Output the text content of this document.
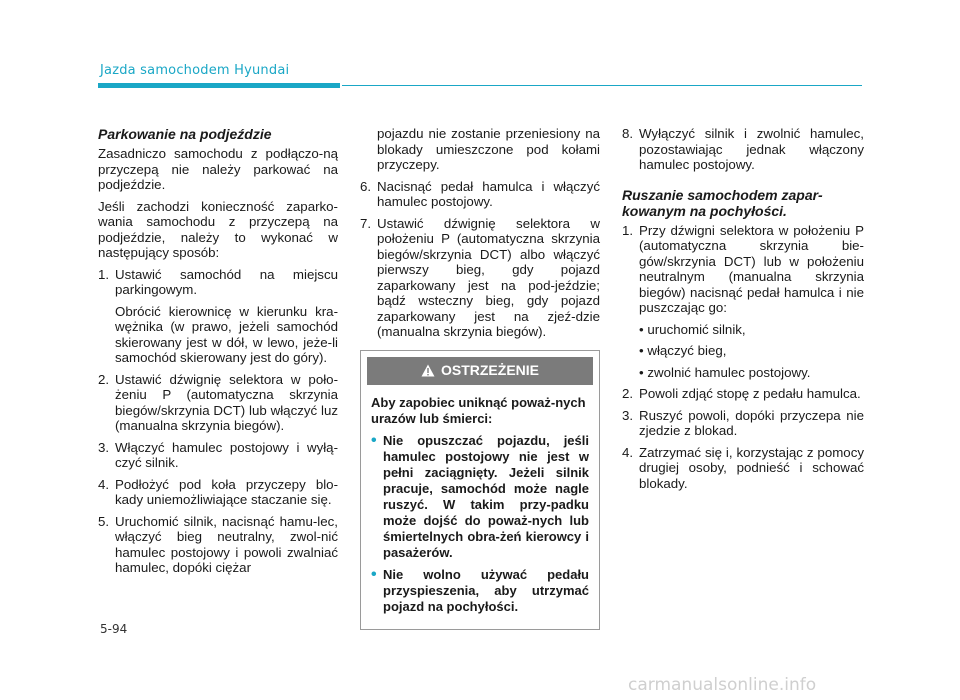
Jazda samochodem Hyundai
Parkowanie na podjeździe

Zasadniczo samochodu z podłączo-ną przyczepą nie należy parkować na podjeździe.

Jeśli zachodzi konieczność zaparko-wania samochodu z przyczepą na podjeździe, należy to wykonać w następujący sposób:

1. Ustawić samochód na miejscu parkingowym.
Obrócić kierownicę w kierunku kra-wężnika (w prawo, jeżeli samochód skierowany jest w dół, w lewo, jeże-li samochód skierowany jest do góry).
2. Ustawić dźwignię selektora w poło-żeniu P (automatyczna skrzynia biegów/skrzynia DCT) lub włączyć luz (manualna skrzynia biegów).
3. Włączyć hamulec postojowy i wyłą-czyć silnik.
4. Podłożyć pod koła przyczepy blo-kady uniemożliwiające staczanie się.
5. Uruchomić silnik, nacisnąć hamu-lec, włączyć bieg neutralny, zwol-nić hamulec postojowy i powoli zwalniać hamulec, dopóki ciężar

pojazdu nie zostanie przeniesiony na blokady umieszczone pod kołami przyczepy.

6. Nacisnąć pedał hamulca i włączyć hamulec postojowy.
7. Ustawić dźwignię selektora w położeniu P (automatyczna skrzynia biegów/skrzynia DCT) albo włączyć pierwszy bieg, gdy pojazd zaparkowany jest na pod-jeździe; bądź wsteczny bieg, gdy pojazd zaparkowany jest na zjeź-dzie (manualna skrzynia biegów).
OSTRZEŻENIE

Aby zapobiec uniknąć poważ-nych urazów lub śmierci:

• Nie opuszczać pojazdu, jeśli hamulec postojowy nie jest w pełni zaciągnięty. Jeżeli silnik pracuje, samochód może nagle ruszyć. W takim przy-padku może dojść do poważ-nych lub śmiertelnych obra-żeń kierowcy i pasażerów.
• Nie wolno używać pedału przyspieszenia, aby utrzymać pojazd na pochyłości.
8. Wyłączyć silnik i zwolnić hamulec, pozostawiając jednak włączony hamulec postojowy.
Ruszanie samochodem zapar-kowanym na pochyłości.
1. Przy dźwigni selektora w położeniu P (automatyczna skrzynia bie-gów/skrzynia DCT) lub w położeniu neutralnym (manualna skrzynia biegów) nacisnąć pedał hamulca i nie puszczając go:
• uruchomić silnik,
• włączyć bieg,
• zwolnić hamulec postojowy.
2. Powoli zdjąć stopę z pedału hamulca.
3. Ruszyć powoli, dopóki przyczepa nie zjedzie z blokad.
4. Zatrzymać się i, korzystając z pomocy drugiej osoby, podnieść i schować blokady.
5-94
carmanualsonline.info
